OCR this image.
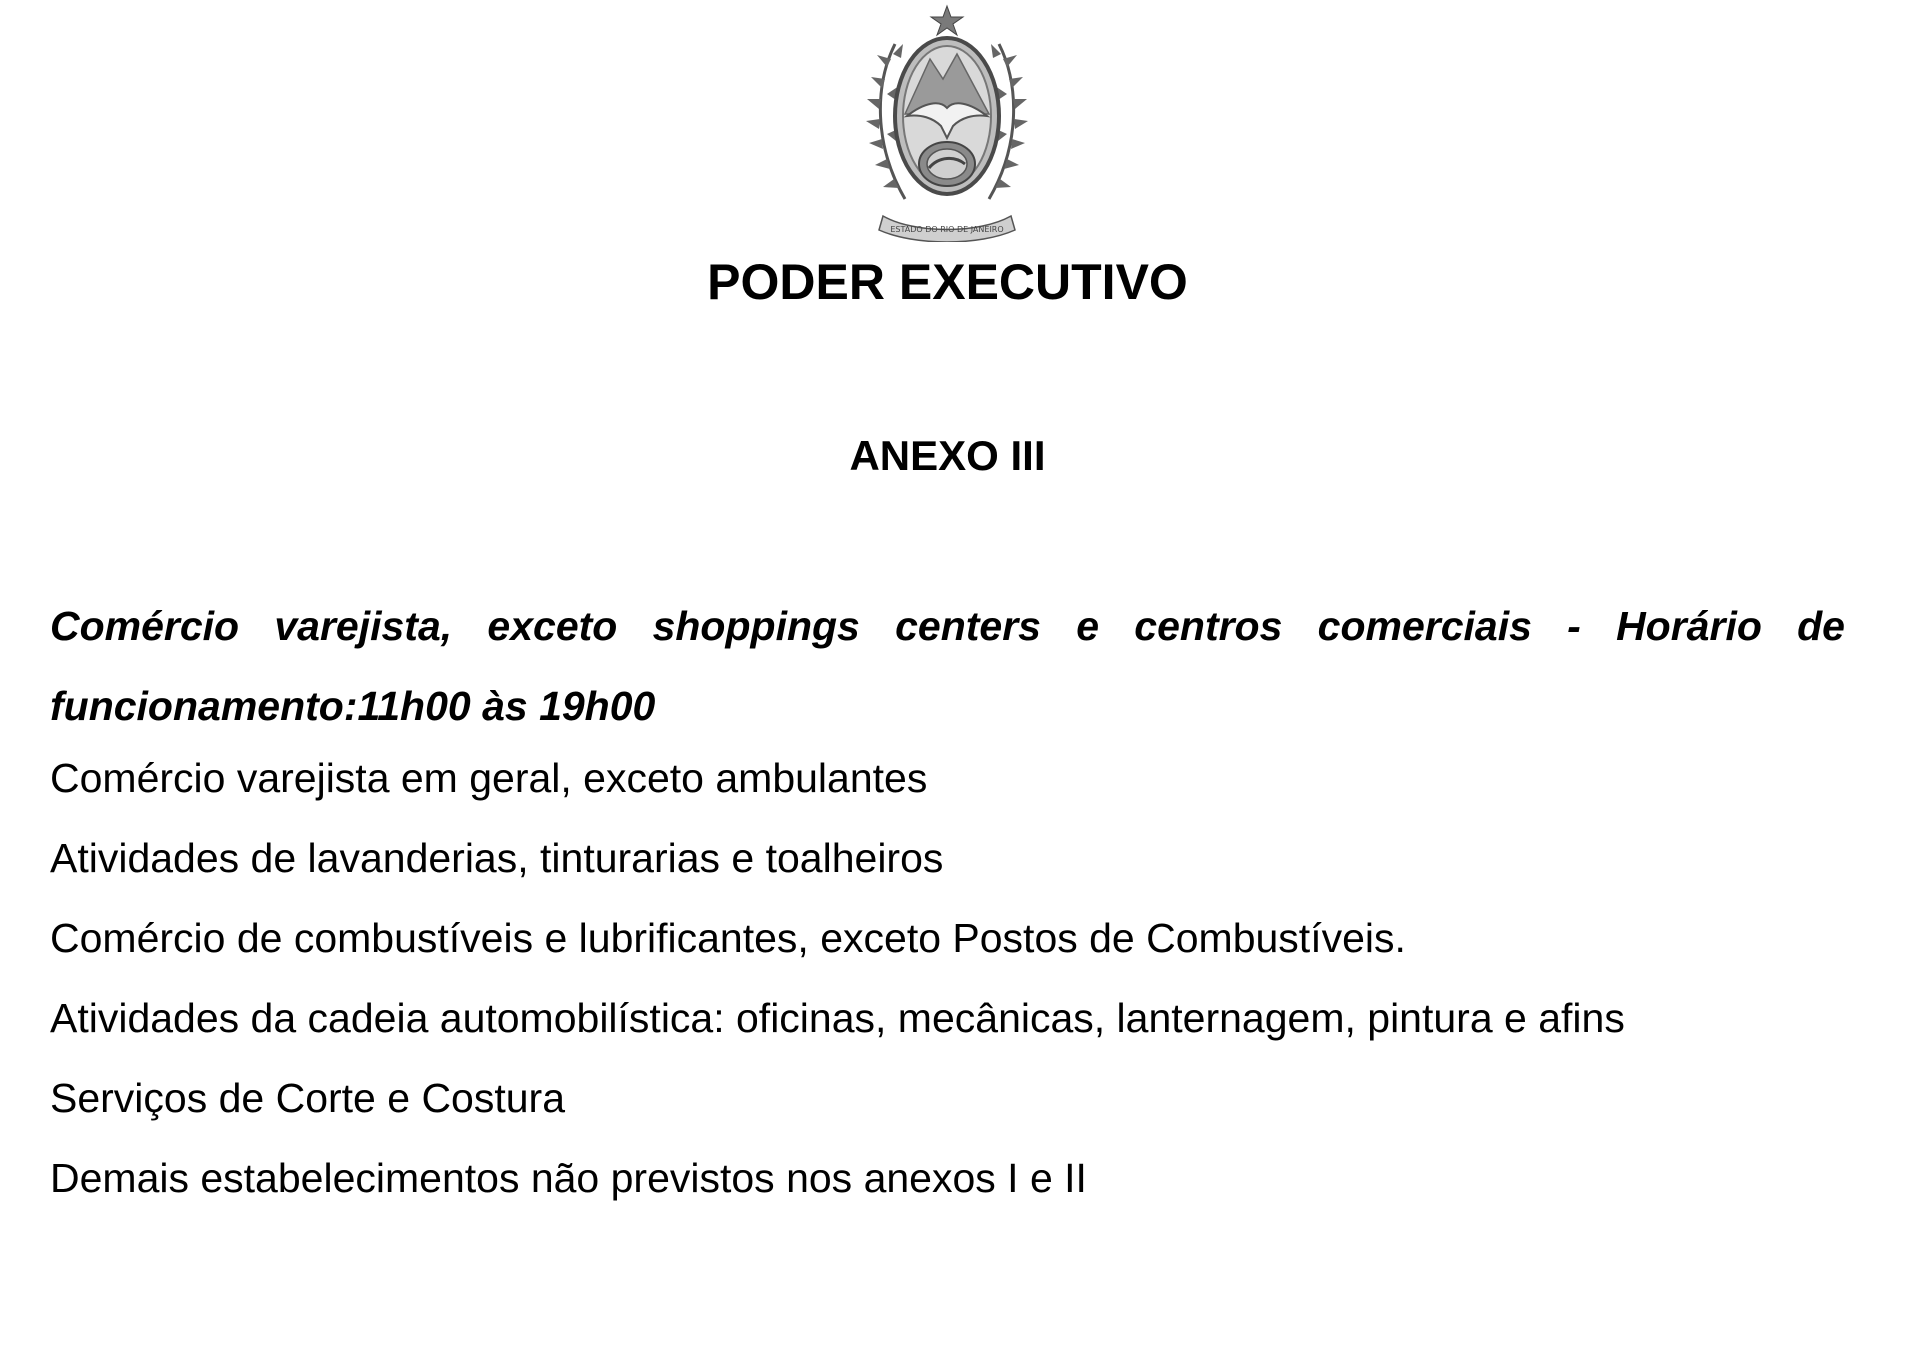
ESTADO DO RIO DE JANEIRO
PODER EXECUTIVO
ANEXO III

Comércio varejista, exceto shoppings centers e centros comerciais - Horário de funcionamento:11h00 às 19h00

Comércio varejista em geral, exceto ambulantes
Atividades de lavanderias, tinturarias e toalheiros
Comércio de combustíveis e lubrificantes, exceto Postos de Combustíveis.
Atividades da cadeia automobilística: oficinas, mecânicas, lanternagem, pintura e afins
Serviços de Corte e Costura
Demais estabelecimentos não previstos nos anexos I e II
